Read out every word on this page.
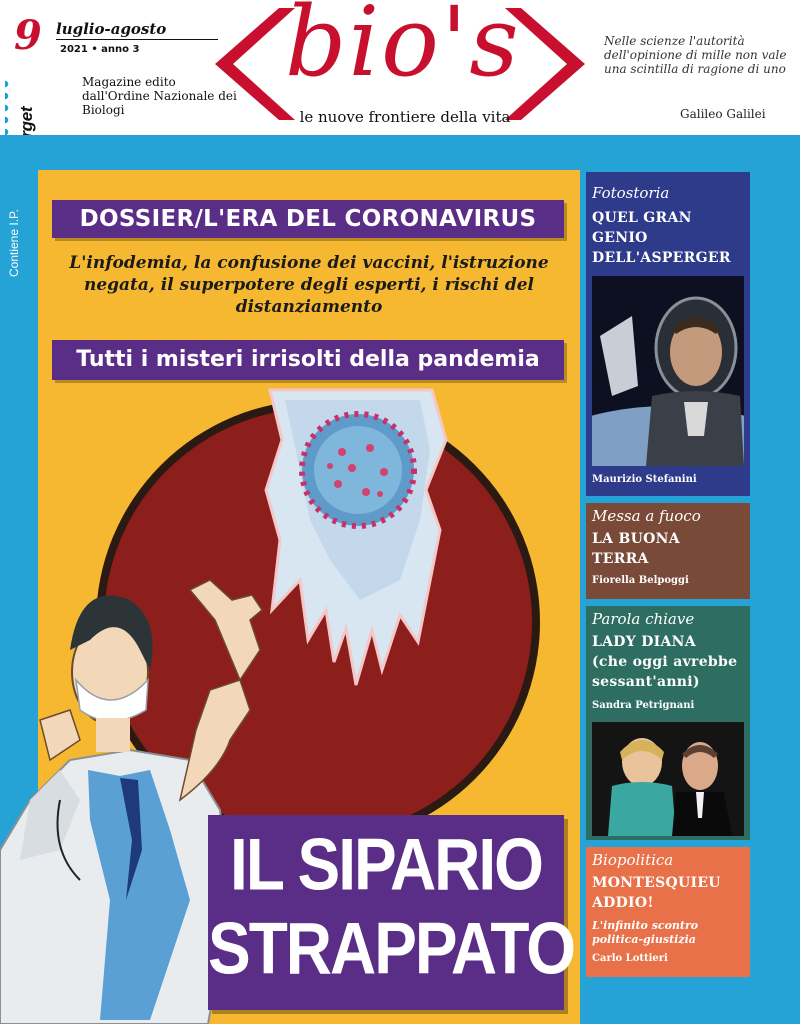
9 luglio-agosto
2021 • anno 3
Magazine edito dall'Ordine Nazionale dei Biologi
bio's
le nuove frontiere della vita
Nelle scienze l'autorità dell'opinione di mille non vale una scintilla di ragione di uno
Galileo Galilei
Contiene I.P.	DOSSIER/L'ERA DEL CORONAVIRUS
L'infodemia, la confusione dei vaccini, l'istruzione negata, il superpotere degli esperti, i rischi del distanziamento
Tutti i misteri irrisolti della pandemia
IL SIPARIO
STRAPPATO
Fotostoria
QUEL GRAN
GENIO
DELL'ASPERGER
Maurizio Stefanini
Messa a fuoco
LA BUONA
TERRA
Fiorella Belpoggi
Parola chiave
LADY DIANA
(che oggi avrebbe
sessant'anni)
Sandra Petrignani
Biopolitica
MONTESQUIEU
ADDIO!
L'infinito scontro
politica-giustizia
Carlo Lottieri
